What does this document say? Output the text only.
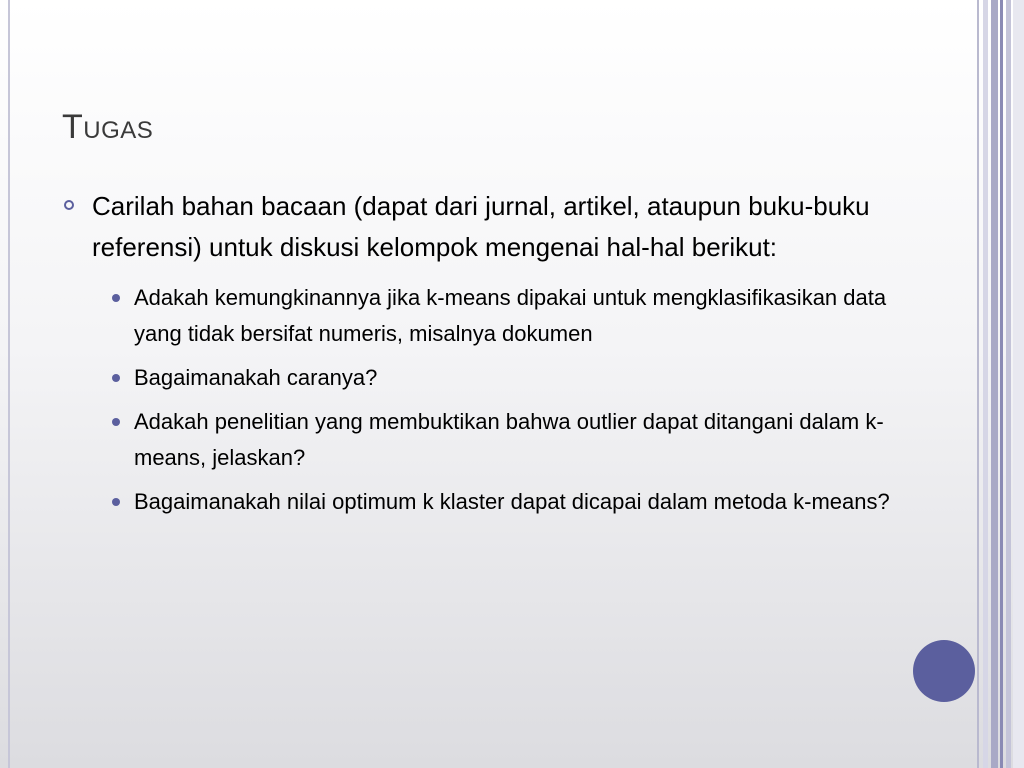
Tugas
Carilah bahan bacaan (dapat dari jurnal, artikel, ataupun buku-buku referensi) untuk diskusi kelompok mengenai hal-hal berikut:
Adakah kemungkinannya jika k-means dipakai untuk mengklasifikasikan data yang tidak bersifat numeris, misalnya dokumen
Bagaimanakah caranya?
Adakah penelitian yang membuktikan bahwa outlier dapat ditangani dalam k-means, jelaskan?
Bagaimanakah nilai optimum k klaster dapat dicapai dalam metoda k-means?
